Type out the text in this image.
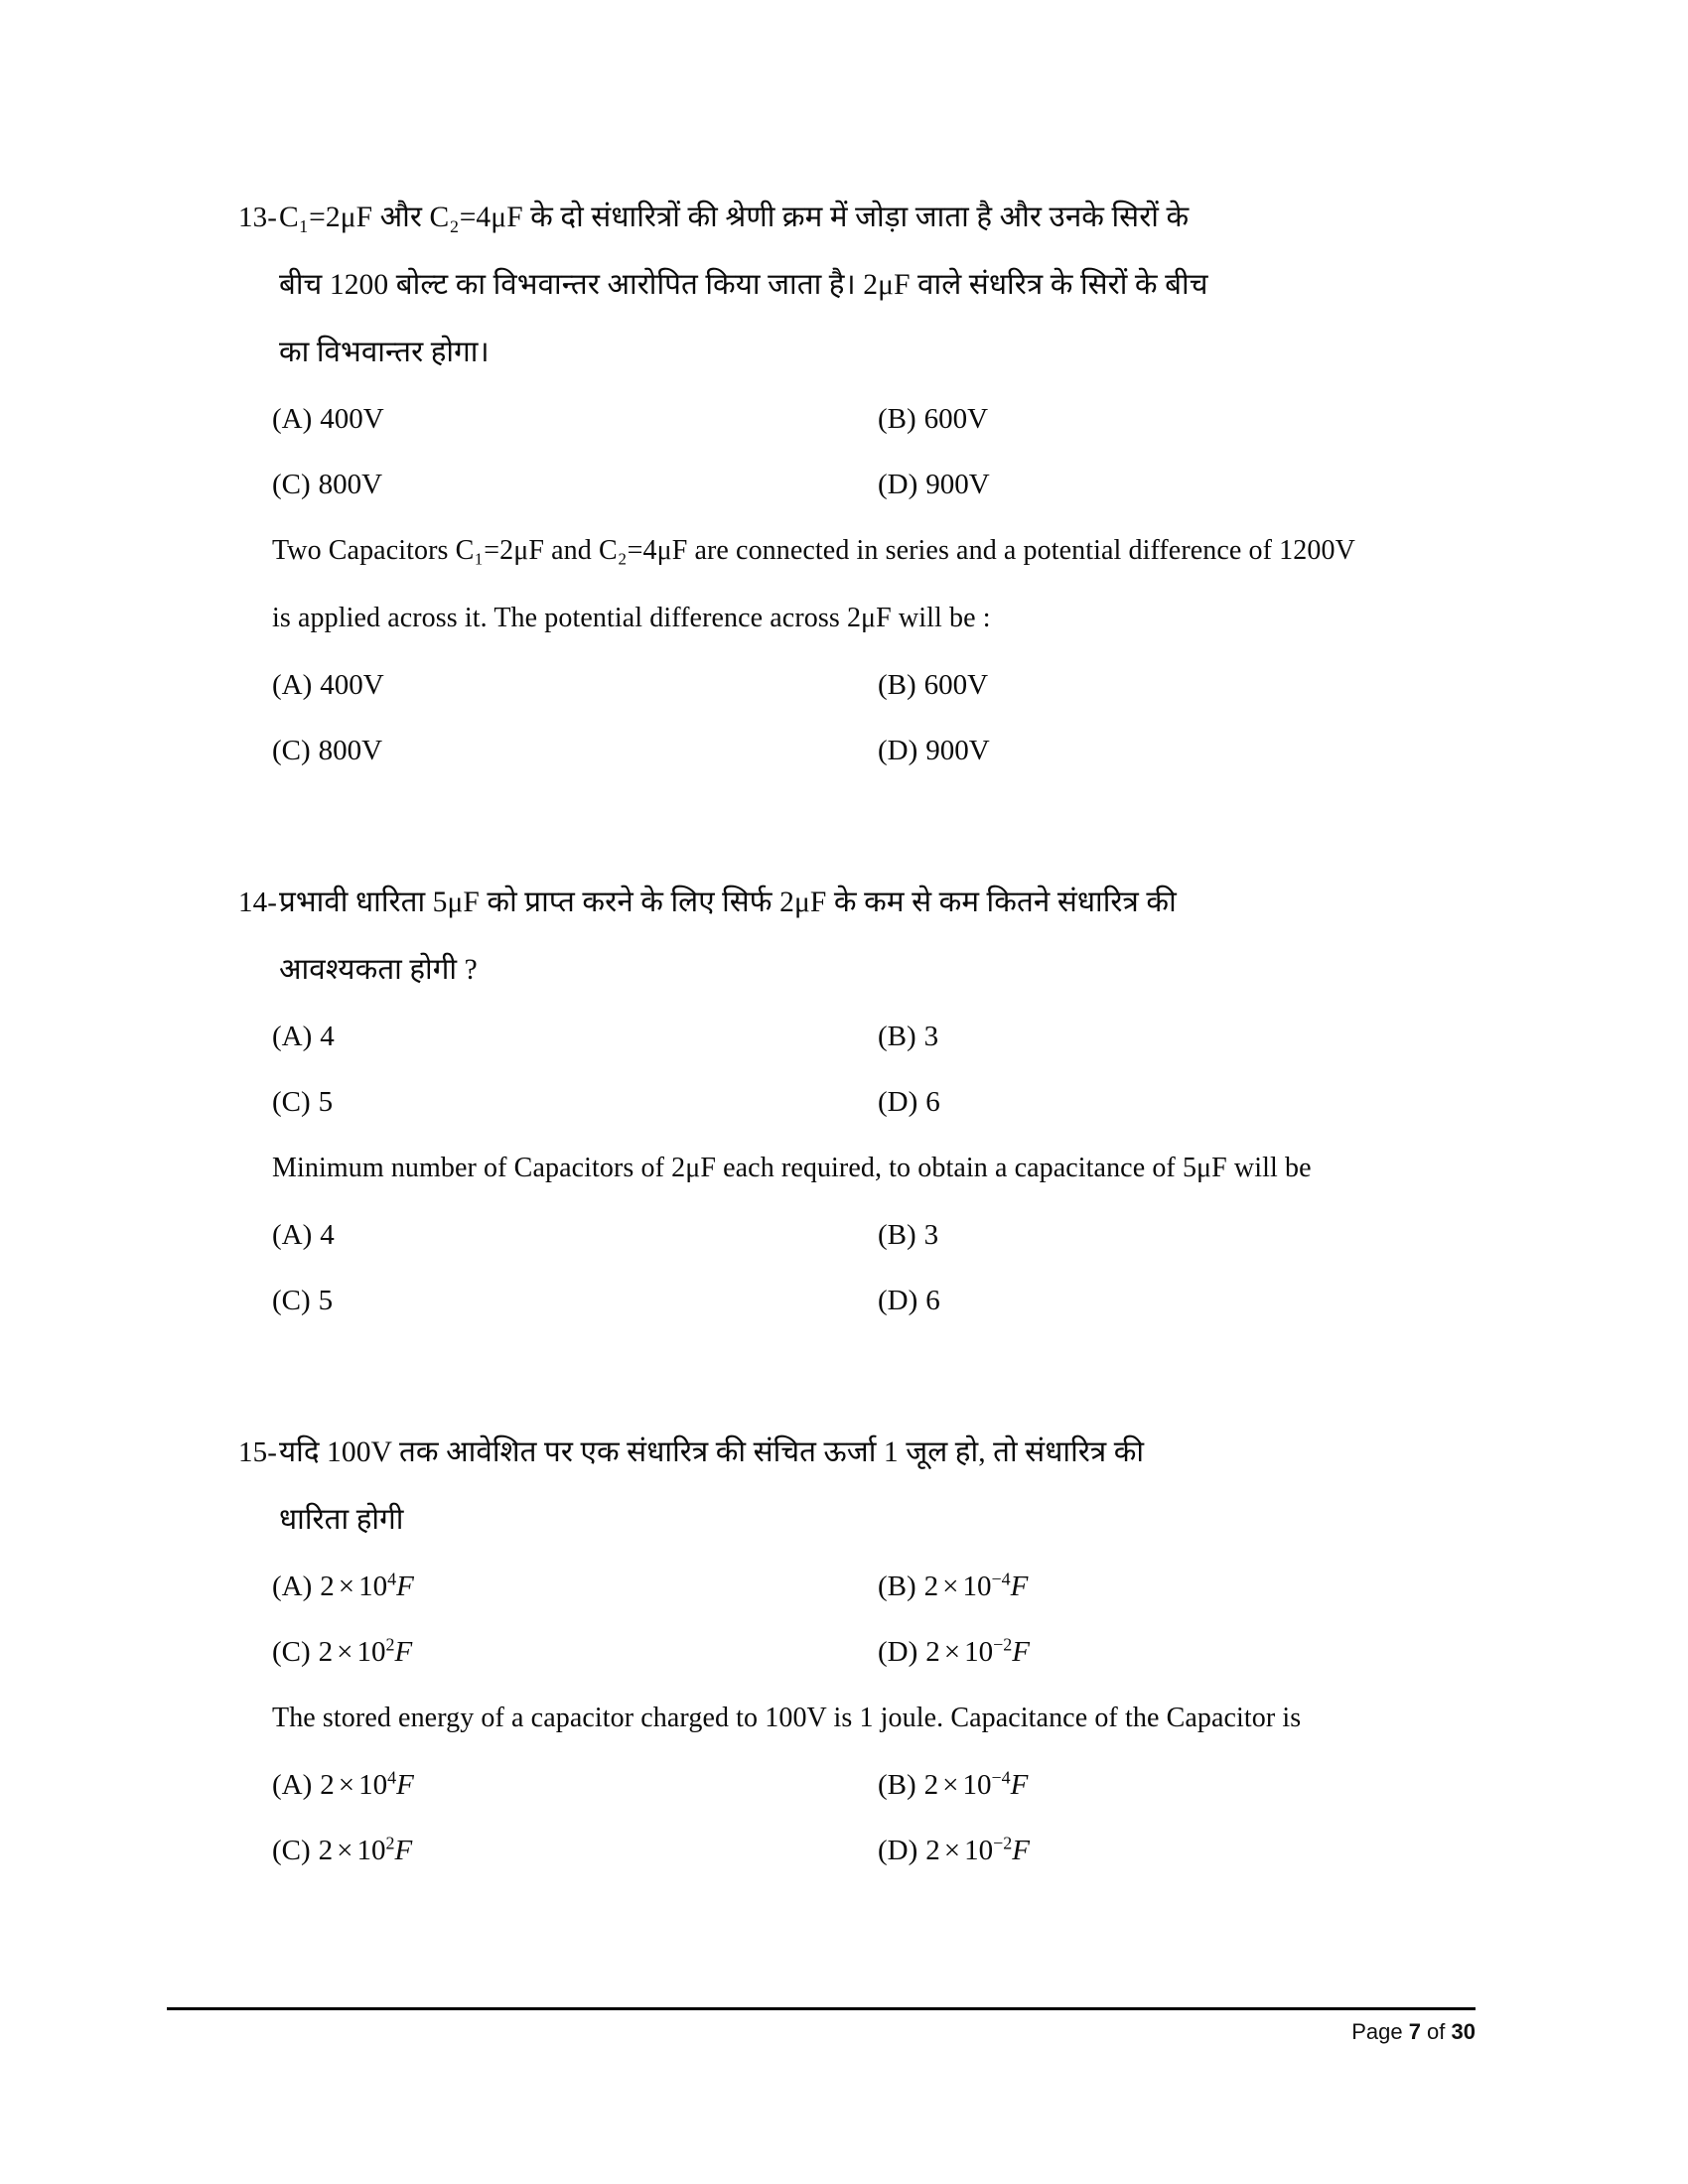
13- C₁=2μF और C₂=4μF के दो संधारित्रों की श्रेणी क्रम में जोड़ा जाता है और उनके सिरों के
बीच 1200 बोल्ट का विभवान्तर आरोपित किया जाता है। 2μF वाले संधरित्र के सिरों के बीच
का विभवान्तर होगा।
(A) 400V	(B) 600V
(C) 800V	(D) 900V
Two Capacitors C₁=2μF and C₂=4μF are connected in series and a potential difference of 1200V
is applied across it. The potential difference across 2μF will be :
(A) 400V	(B) 600V
(C) 800V	(D) 900V
14- प्रभावी धारिता 5μF को प्राप्त करने के लिए सिर्फ 2μF के कम से कम कितने संधारित्र की
आवश्यकता होगी ?
(A) 4	(B) 3
(C) 5	(D) 6
Minimum number of Capacitors of 2μF each required, to obtain a capacitance of 5μF will be
(A) 4	(B) 3
(C) 5	(D) 6
15- यदि 100V तक आवेशित पर एक संधारित्र की संचित ऊर्जा 1 जूल हो, तो संधारित्र की
धारिता होगी
(A) $2 \times 10^4F$	(B) $2 \times 10^{-4}F$
(C) $2 \times 10^2F$	(D) $2 \times 10^{-2}F$
The stored energy of a capacitor charged to 100V is 1 joule. Capacitance of the Capacitor is
(A) $2 \times 10^4F$	(B) $2 \times 10^{-4}F$
(C) $2 \times 10^2F$	(D) $2 \times 10^{-2}F$
Page 7 of 30
